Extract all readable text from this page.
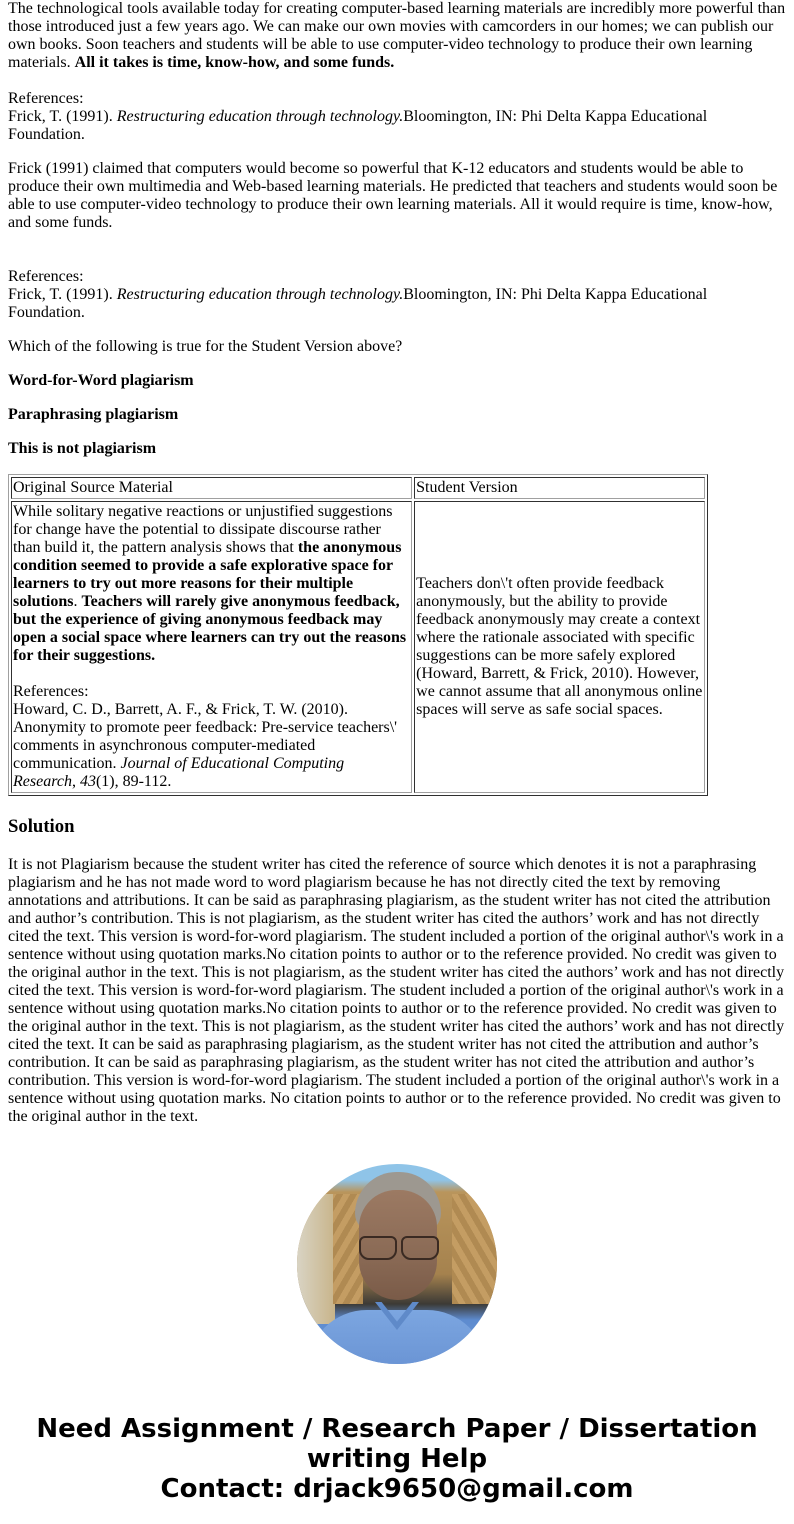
The technological tools available today for creating computer-based learning materials are incredibly more powerful than those introduced just a few years ago. We can make our own movies with camcorders in our homes; we can publish our own books. Soon teachers and students will be able to use computer-video technology to produce their own learning materials. All it takes is time, know-how, and some funds.

References:
Frick, T. (1991). Restructuring education through technology.Bloomington, IN: Phi Delta Kappa Educational Foundation.
Frick (1991) claimed that computers would become so powerful that K-12 educators and students would be able to produce their own multimedia and Web-based learning materials. He predicted that teachers and students would soon be able to use computer-video technology to produce their own learning materials. All it would require is time, know-how, and some funds.

References:
Frick, T. (1991). Restructuring education through technology.Bloomington, IN: Phi Delta Kappa Educational Foundation.

Which of the following is true for the Student Version above?

Word-for-Word plagiarism

Paraphrasing plagiarism

This is not plagiarism

Original Source Material	Student Version
While solitary negative reactions or unjustified suggestions for change have the potential to dissipate discourse rather than build it, the pattern analysis shows that the anonymous condition seemed to provide a safe explorative space for learners to try out more reasons for their multiple solutions. Teachers will rarely give anonymous feedback, but the experience of giving anonymous feedback may open a social space where learners can try out the reasons for their suggestions.

References:
Howard, C. D., Barrett, A. F., & Frick, T. W. (2010). Anonymity to promote peer feedback: Pre-service teachers\' comments in asynchronous computer-mediated communication. Journal of Educational Computing Research, 43(1), 89-112.	Teachers don\'t often provide feedback anonymously, but the ability to provide feedback anonymously may create a context where the rationale associated with specific suggestions can be more safely explored (Howard, Barrett, & Frick, 2010). However, we cannot assume that all anonymous online spaces will serve as safe social spaces.
Solution

It is not Plagiarism because the student writer has cited the reference of source which denotes it is not a paraphrasing plagiarism and he has not made word to word plagiarism because he has not directly cited the text by removing annotations and attributions. It can be said as paraphrasing plagiarism, as the student writer has not cited the attribution and author’s contribution. This is not plagiarism, as the student writer has cited the authors’ work and has not directly cited the text. This version is word-for-word plagiarism. The student included a portion of the original author\'s work in a sentence without using quotation marks.No citation points to author or to the reference provided. No credit was given to the original author in the text. This is not plagiarism, as the student writer has cited the authors’ work and has not directly cited the text. This version is word-for-word plagiarism. The student included a portion of the original author\'s work in a sentence without using quotation marks.No citation points to author or to the reference provided. No credit was given to the original author in the text. This is not plagiarism, as the student writer has cited the authors’ work and has not directly cited the text. It can be said as paraphrasing plagiarism, as the student writer has not cited the attribution and author’s contribution. It can be said as paraphrasing plagiarism, as the student writer has not cited the attribution and author’s contribution. This version is word-for-word plagiarism. The student included a portion of the original author\'s work in a sentence without using quotation marks. No citation points to author or to the reference provided. No credit was given to the original author in the text.

Need Assignment / Research Paper / Dissertation
writing Help
Contact: drjack9650@gmail.com
